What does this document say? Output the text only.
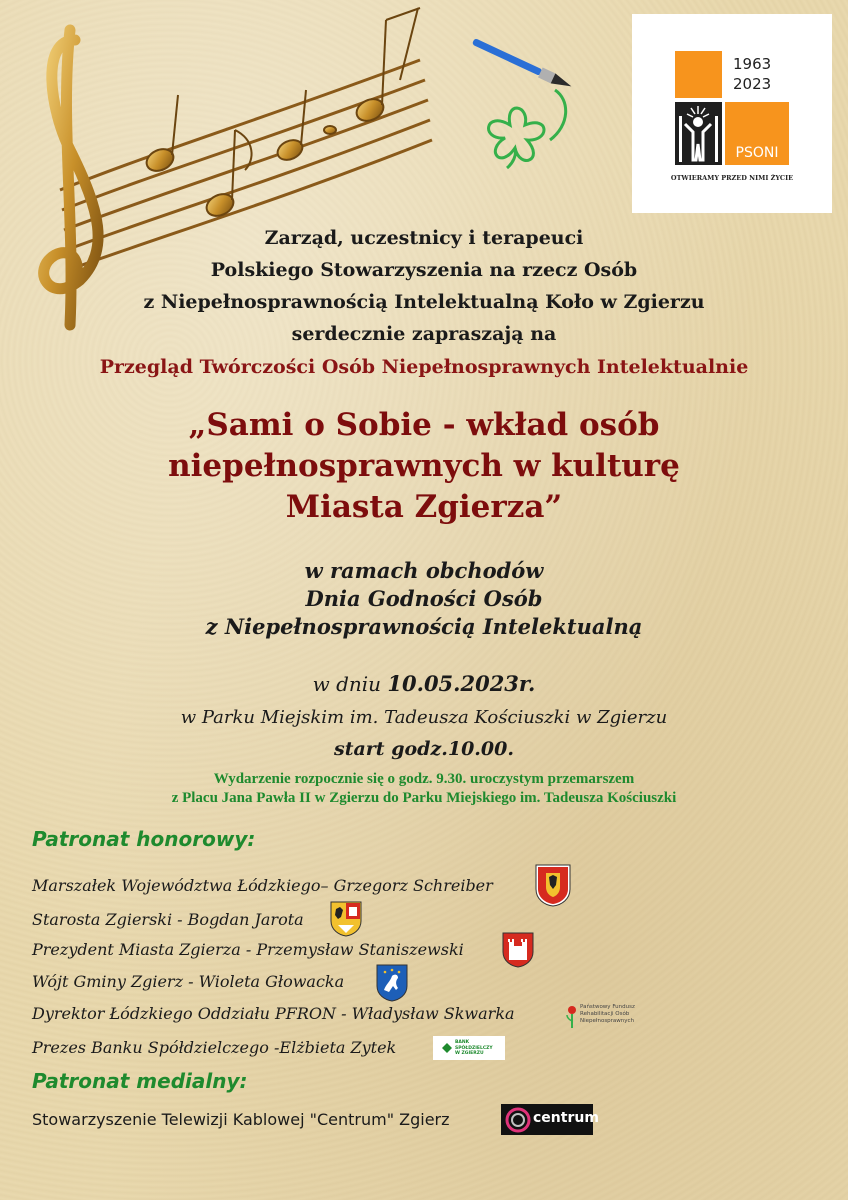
1963
2023
PSONI
OTWIERAMY PRZED NIMI ŻYCIE
Zarząd, uczestnicy i terapeuci
Polskiego Stowarzyszenia na rzecz Osób
z Niepełnosprawnością Intelektualną Koło w Zgierzu
serdecznie zapraszają na
Przegląd Twórczości Osób Niepełnosprawnych Intelektualnie
„Sami o Sobie - wkład osób
niepełnosprawnych w kulturę
Miasta Zgierza”
w ramach obchodów
Dnia Godności Osób
z Niepełnosprawnością Intelektualną
w dniu 10.05.2023r.
w Parku Miejskim im. Tadeusza Kościuszki w Zgierzu
start godz.10.00.
Wydarzenie rozpocznie się o godz. 9.30. uroczystym przemarszem
z Placu Jana Pawła II w Zgierzu do Parku Miejskiego im. Tadeusza Kościuszki
Patronat honorowy:
Marszałek Województwa Łódzkiego– Grzegorz Schreiber
Starosta Zgierski - Bogdan Jarota
Prezydent Miasta Zgierza - Przemysław Staniszewski
Wójt Gminy Zgierz - Wioleta Głowacka
Dyrektor Łódzkiego Oddziału PFRON - Władysław Skwarka
Prezes Banku Spółdzielczego -Elżbieta Zytek
Państwowy Fundusz
Rehabilitacji Osób
Niepełnosprawnych
BANK
SPÓŁDZIELCZY
W ZGIERZU
Patronat medialny:
Stowarzyszenie Telewizji Kablowej "Centrum" Zgierz	centrum
